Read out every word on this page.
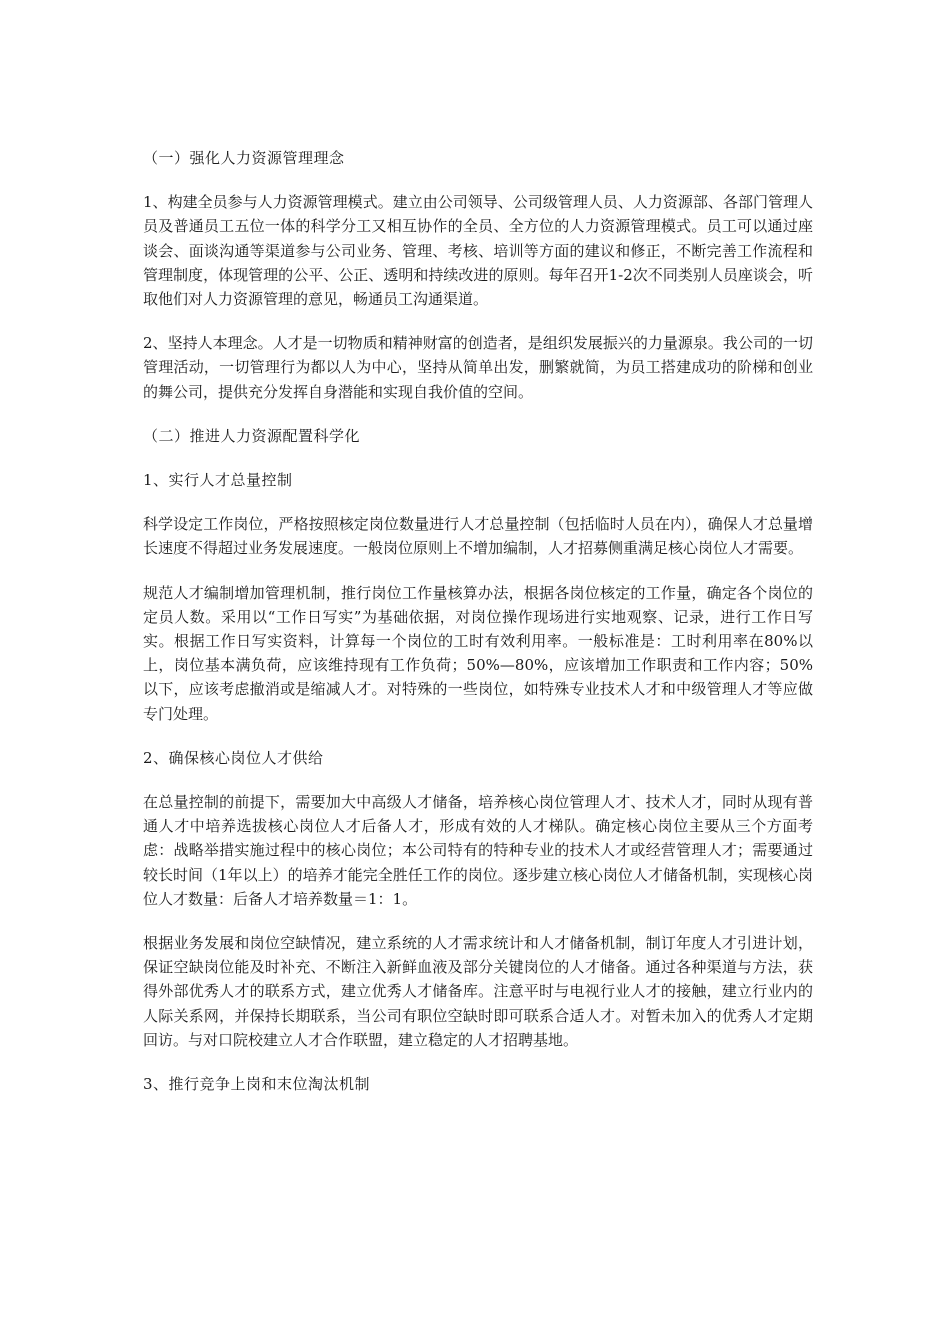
（一）强化人力资源管理理念

1、构建全员参与人力资源管理模式。建立由公司领导、公司级管理人员、人力资源部、各部门管理人员及普通员工五位一体的科学分工又相互协作的全员、全方位的人力资源管理模式。员工可以通过座谈会、面谈沟通等渠道参与公司业务、管理、考核、培训等方面的建议和修正，不断完善工作流程和管理制度，体现管理的公平、公正、透明和持续改进的原则。每年召开1-2次不同类别人员座谈会，听取他们对人力资源管理的意见，畅通员工沟通渠道。

2、坚持人本理念。人才是一切物质和精神财富的创造者，是组织发展振兴的力量源泉。我公司的一切管理活动，一切管理行为都以人为中心，坚持从简单出发，删繁就简，为员工搭建成功的阶梯和创业的舞公司，提供充分发挥自身潜能和实现自我价值的空间。

（二）推进人力资源配置科学化

1、实行人才总量控制

科学设定工作岗位，严格按照核定岗位数量进行人才总量控制（包括临时人员在内），确保人才总量增长速度不得超过业务发展速度。一般岗位原则上不增加编制，人才招募侧重满足核心岗位人才需要。

规范人才编制增加管理机制，推行岗位工作量核算办法，根据各岗位核定的工作量，确定各个岗位的定员人数。采用以“工作日写实”为基础依据，对岗位操作现场进行实地观察、记录，进行工作日写实。根据工作日写实资料，计算每一个岗位的工时有效利用率。一般标准是：工时利用率在80%以上，岗位基本满负荷，应该维持现有工作负荷；50%—80%，应该增加工作职责和工作内容；50%以下，应该考虑撤消或是缩减人才。对特殊的一些岗位，如特殊专业技术人才和中级管理人才等应做专门处理。

2、确保核心岗位人才供给

在总量控制的前提下，需要加大中高级人才储备，培养核心岗位管理人才、技术人才，同时从现有普通人才中培养选拔核心岗位人才后备人才，形成有效的人才梯队。确定核心岗位主要从三个方面考虑：战略举措实施过程中的核心岗位；本公司特有的特种专业的技术人才或经营管理人才；需要通过较长时间（1年以上）的培养才能完全胜任工作的岗位。逐步建立核心岗位人才储备机制，实现核心岗位人才数量：后备人才培养数量＝1：1。

根据业务发展和岗位空缺情况，建立系统的人才需求统计和人才储备机制，制订年度人才引进计划，保证空缺岗位能及时补充、不断注入新鲜血液及部分关键岗位的人才储备。通过各种渠道与方法，获得外部优秀人才的联系方式，建立优秀人才储备库。注意平时与电视行业人才的接触，建立行业内的人际关系网，并保持长期联系，当公司有职位空缺时即可联系合适人才。对暂未加入的优秀人才定期回访。与对口院校建立人才合作联盟，建立稳定的人才招聘基地。

3、推行竞争上岗和末位淘汰机制
